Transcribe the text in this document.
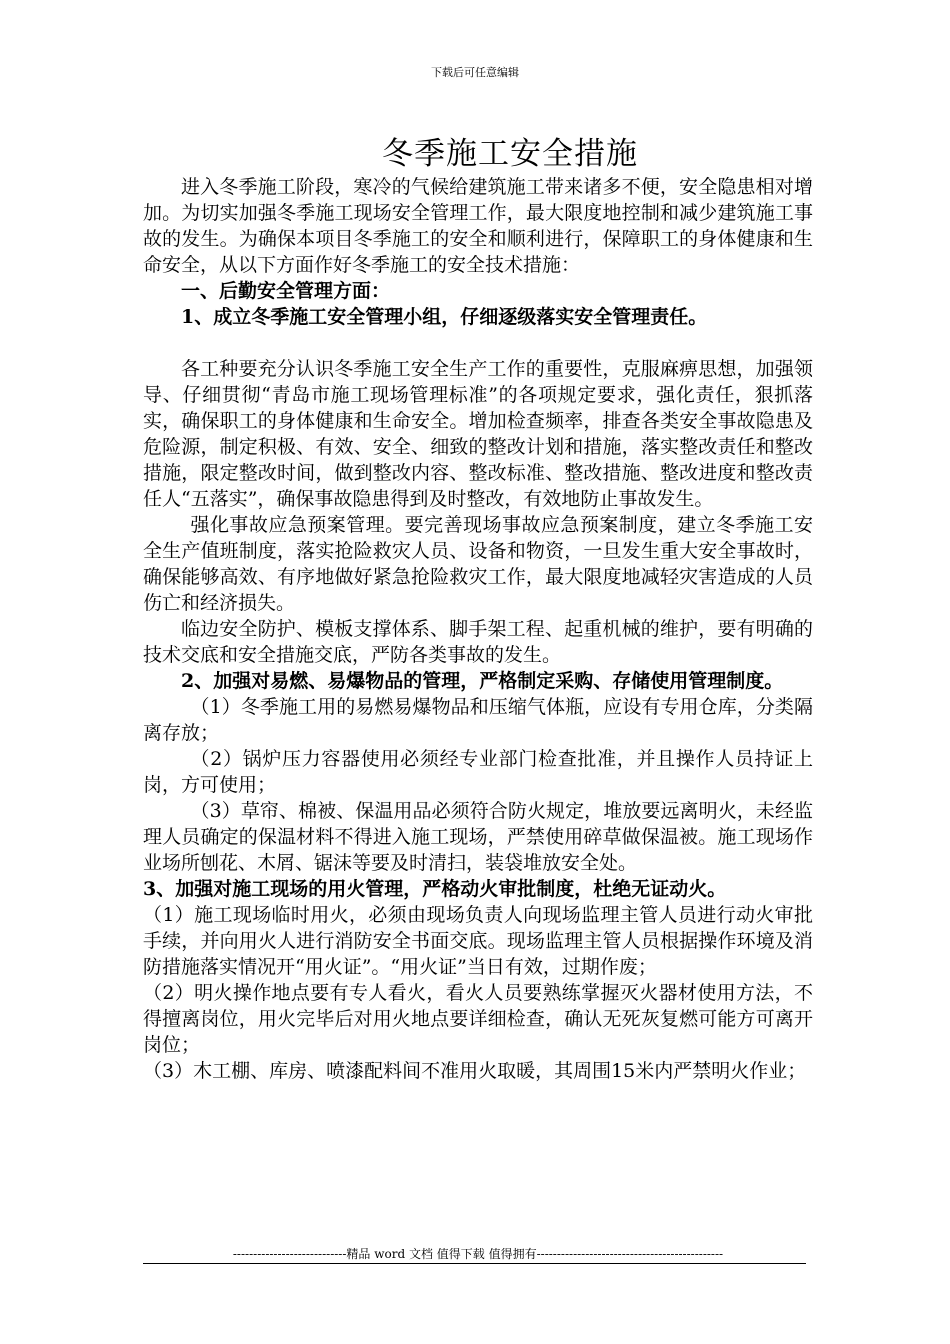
下载后可任意编辑
冬季施工安全措施

进入冬季施工阶段，寒冷的气候给建筑施工带来诸多不便，安全隐患相对增加。为切实加强冬季施工现场安全管理工作，最大限度地控制和减少建筑施工事故的发生。为确保本项目冬季施工的安全和顺利进行，保障职工的身体健康和生命安全，从以下方面作好冬季施工的安全技术措施：

一、后勤安全管理方面：

1、成立冬季施工安全管理小组，仔细逐级落实安全管理责任。

各工种要充分认识冬季施工安全生产工作的重要性，克服麻痹思想，加强领导、仔细贯彻“青岛市施工现场管理标准”的各项规定要求，强化责任，狠抓落实，确保职工的身体健康和生命安全。增加检查频率，排查各类安全事故隐患及危险源，制定积极、有效、安全、细致的整改计划和措施，落实整改责任和整改措施，限定整改时间，做到整改内容、整改标准、整改措施、整改进度和整改责任人“五落实”，确保事故隐患得到及时整改，有效地防止事故发生。

强化事故应急预案管理。要完善现场事故应急预案制度，建立冬季施工安全生产值班制度，落实抢险救灾人员、设备和物资，一旦发生重大安全事故时，确保能够高效、有序地做好紧急抢险救灾工作，最大限度地减轻灾害造成的人员伤亡和经济损失。

临边安全防护、模板支撑体系、脚手架工程、起重机械的维护，要有明确的技术交底和安全措施交底，严防各类事故的发生。

2、加强对易燃、易爆物品的管理，严格制定采购、存储使用管理制度。

（1）冬季施工用的易燃易爆物品和压缩气体瓶，应设有专用仓库，分类隔离存放；

（2）锅炉压力容器使用必须经专业部门检查批准，并且操作人员持证上岗，方可使用；

（3）草帘、棉被、保温用品必须符合防火规定，堆放要远离明火，未经监理人员确定的保温材料不得进入施工现场，严禁使用碎草做保温被。施工现场作业场所刨花、木屑、锯沫等要及时清扫，装袋堆放安全处。

3、加强对施工现场的用火管理，严格动火审批制度，杜绝无证动火。

（1）施工现场临时用火，必须由现场负责人向现场监理主管人员进行动火审批手续，并向用火人进行消防安全书面交底。现场监理主管人员根据操作环境及消防措施落实情况开“用火证”。“用火证”当日有效，过期作废；

（2）明火操作地点要有专人看火，看火人员要熟练掌握灭火器材使用方法，不得擅离岗位，用火完毕后对用火地点要详细检查，确认无死灰复燃可能方可离开岗位；

（3）木工棚、库房、喷漆配料间不准用火取暖，其周围15米内严禁明火作业；

----------------------------精品 word 文档 值得下载 值得拥有----------------------------------------------
